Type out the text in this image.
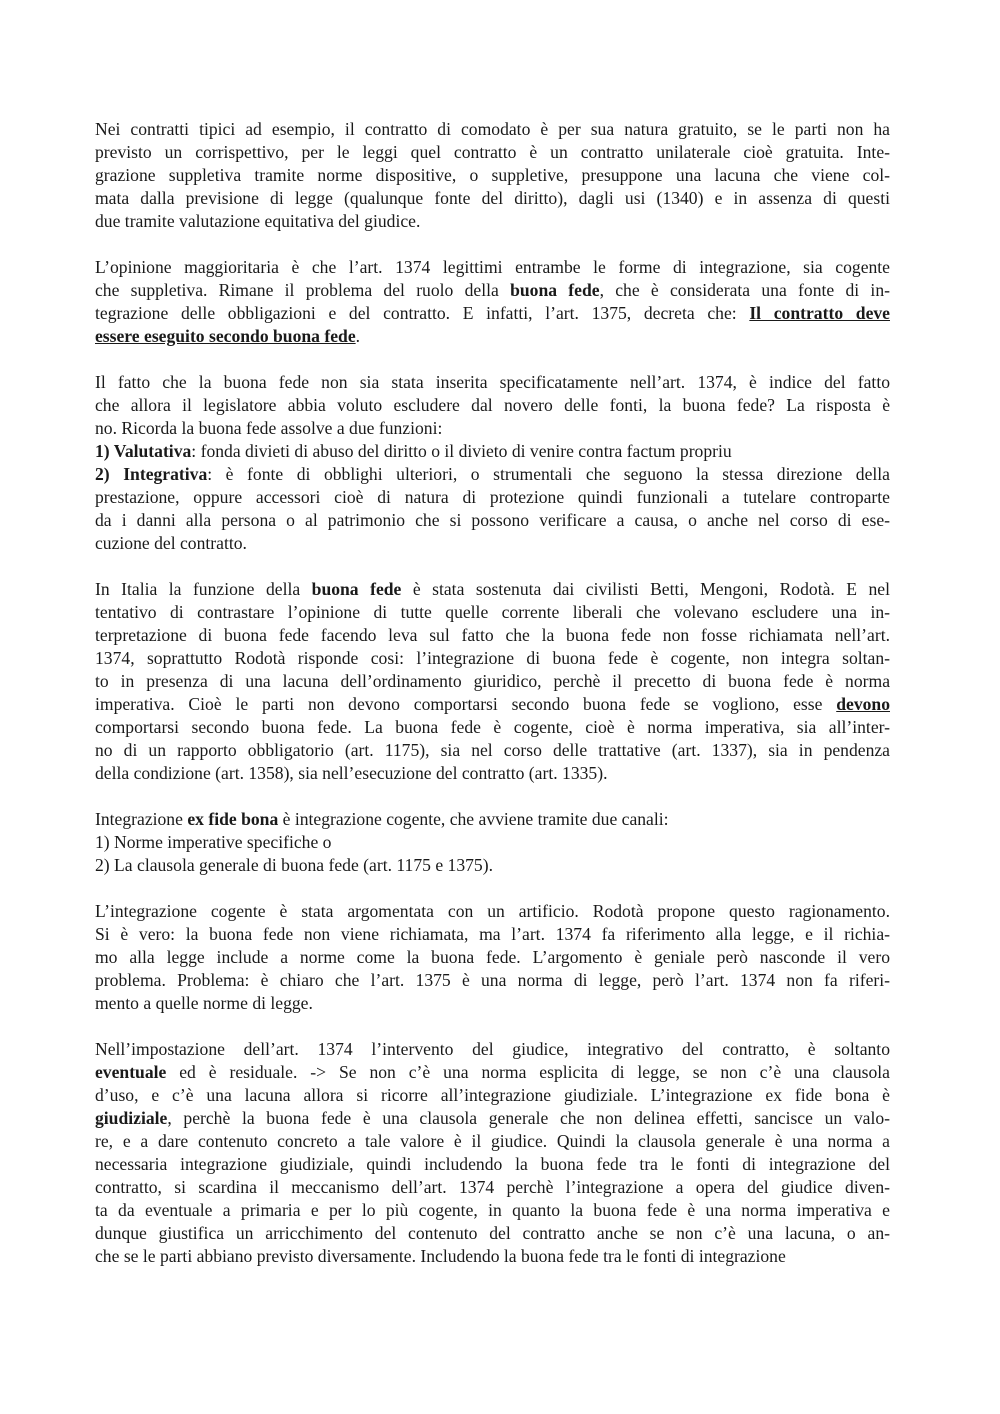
Nei contratti tipici ad esempio, il contratto di comodato è per sua natura gratuito, se le parti non ha
previsto un corrispettivo, per le leggi quel contratto è un contratto unilaterale cioè gratuita. Inte-
grazione suppletiva tramite norme dispositive, o suppletive, presuppone una lacuna che viene col-
mata dalla previsione di legge (qualunque fonte del diritto), dagli usi (1340) e in assenza di questi
due tramite valutazione equitativa del giudice.
L’opinione maggioritaria è che l’art. 1374 legittimi entrambe le forme di integrazione, sia cogente
che suppletiva. Rimane il problema del ruolo della buona fede, che è considerata una fonte di in-
tegrazione delle obbligazioni e del contratto. E infatti, l’art. 1375, decreta che: Il contratto deve
essere eseguito secondo buona fede.
Il fatto che la buona fede non sia stata inserita specificatamente nell’art. 1374, è indice del fatto
che allora il legislatore abbia voluto escludere dal novero delle fonti, la buona fede? La risposta è
no. Ricorda la buona fede assolve a due funzioni:
1) Valutativa: fonda divieti di abuso del diritto o il divieto di venire contra factum propriu
2) Integrativa: è fonte di obblighi ulteriori, o strumentali che seguono la stessa direzione della
prestazione, oppure accessori cioè di natura di protezione quindi funzionali a tutelare controparte
da i danni alla persona o al patrimonio che si possono verificare a causa, o anche nel corso di ese-
cuzione del contratto.
In Italia la funzione della buona fede è stata sostenuta dai civilisti Betti, Mengoni, Rodotà. E nel
tentativo di contrastare l’opinione di tutte quelle corrente liberali che volevano escludere una in-
terpretazione di buona fede facendo leva sul fatto che la buona fede non fosse richiamata nell’art.
1374, soprattutto Rodotà risponde cosi: l’integrazione di buona fede è cogente, non integra soltan-
to in presenza di una lacuna dell’ordinamento giuridico, perchè il precetto di buona fede è norma
imperativa. Cioè le parti non devono comportarsi secondo buona fede se vogliono, esse devono
comportarsi secondo buona fede. La buona fede è cogente, cioè è norma imperativa, sia all’inter-
no di un rapporto obbligatorio (art. 1175), sia nel corso delle trattative (art. 1337), sia in pendenza
della condizione (art. 1358), sia nell’esecuzione del contratto (art. 1335).
Integrazione ex fide bona è integrazione cogente, che avviene tramite due canali:
1) Norme imperative specifiche o
2) La clausola generale di buona fede (art. 1175 e 1375).
L’integrazione cogente è stata argomentata con un artificio. Rodotà propone questo ragionamento.
Si è vero: la buona fede non viene richiamata, ma l’art. 1374 fa riferimento alla legge, e il richia-
mo alla legge include a norme come la buona fede. L’argomento è geniale però nasconde il vero
problema. Problema: è chiaro che l’art. 1375 è una norma di legge, però l’art. 1374 non fa riferi-
mento a quelle norme di legge.
Nell’impostazione dell’art. 1374 l’intervento del giudice, integrativo del contratto, è soltanto
eventuale ed è residuale. -> Se non c’è una norma esplicita di legge, se non c’è una clausola
d’uso, e c’è una lacuna allora si ricorre all’integrazione giudiziale. L’integrazione ex fide bona è
giudiziale, perchè la buona fede è una clausola generale che non delinea effetti, sancisce un valo-
re, e a dare contenuto concreto a tale valore è il giudice. Quindi la clausola generale è una norma a
necessaria integrazione giudiziale, quindi includendo la buona fede tra le fonti di integrazione del
contratto, si scardina il meccanismo dell’art. 1374 perchè l’integrazione a opera del giudice diven-
ta da eventuale a primaria e per lo più cogente, in quanto la buona fede è una norma imperativa e
dunque giustifica un arricchimento del contenuto del contratto anche se non c’è una lacuna, o an-
che se le parti abbiano previsto diversamente. Includendo la buona fede tra le fonti di integrazione
